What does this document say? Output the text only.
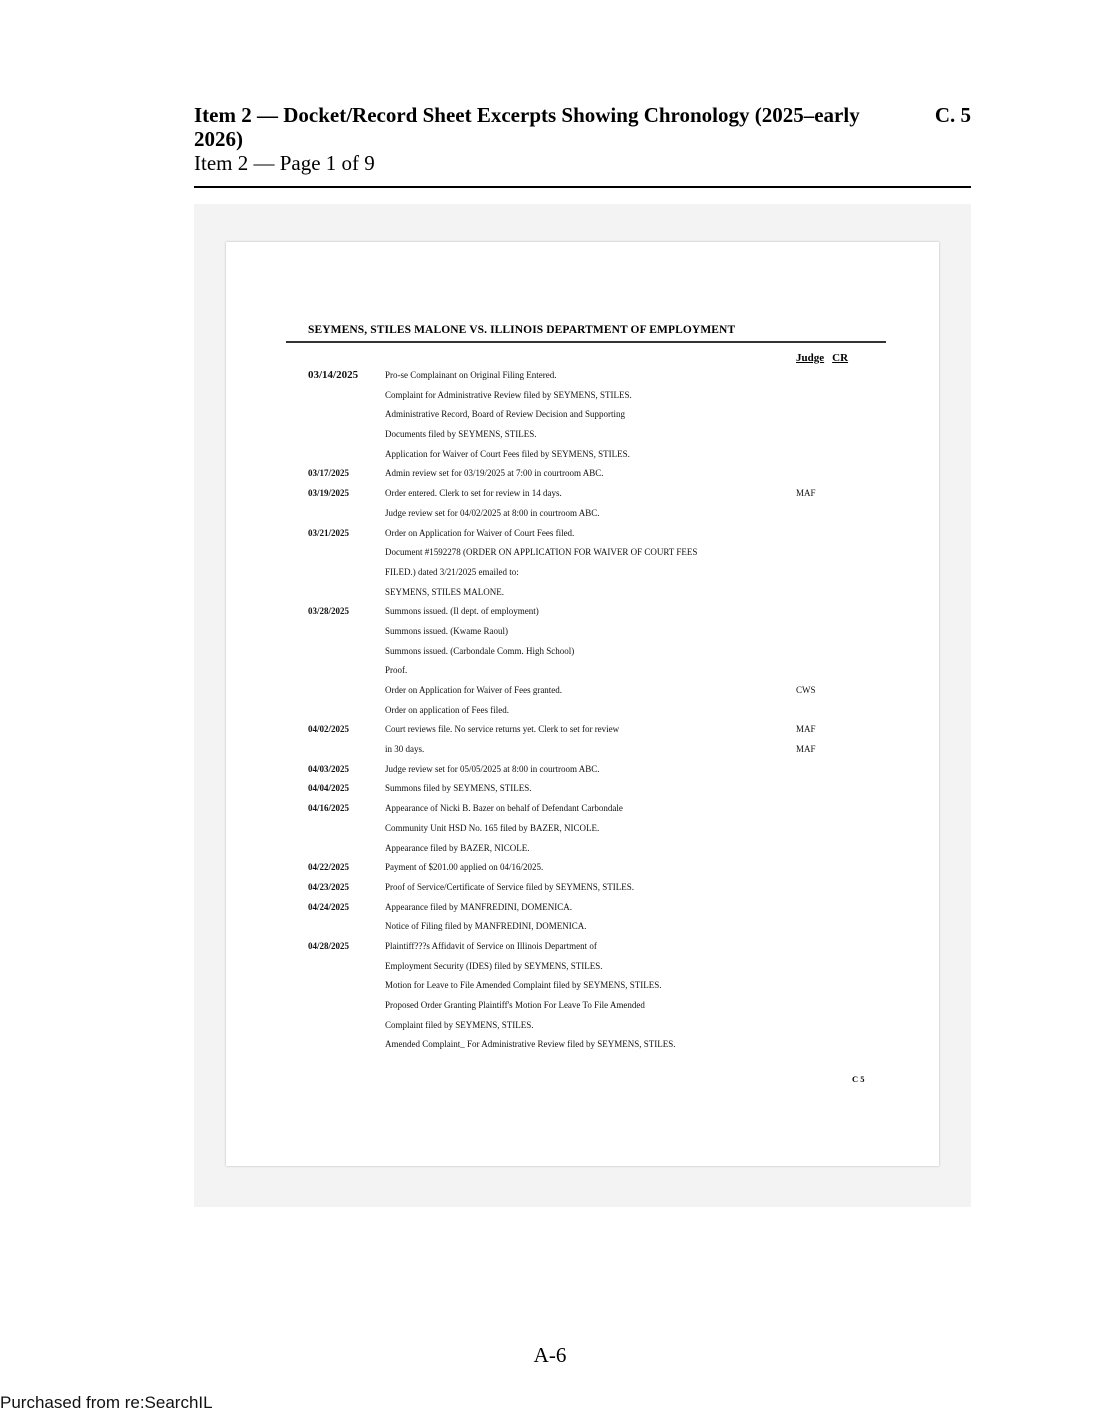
Item 2 — Docket/Record Sheet Excerpts Showing Chronology (2025–early 2026)
C. 5
Item 2 — Page 1 of 9
SEYMENS, STILES MALONE VS. ILLINOIS DEPARTMENT OF EMPLOYMENT
Judge CR
03/14/2025	Pro-se Complainant on Original Filing Entered.
Complaint for Administrative Review filed by SEYMENS, STILES.
Administrative Record, Board of Review Decision and Supporting
Documents filed by SEYMENS, STILES.
Application for Waiver of Court Fees filed by SEYMENS, STILES.
03/17/2025	Admin review set for 03/19/2025 at 7:00 in courtroom ABC.
03/19/2025	Order entered. Clerk to set for review in 14 days.	MAF
Judge review set for 04/02/2025 at 8:00 in courtroom ABC.
03/21/2025	Order on Application for Waiver of Court Fees filed.
Document #1592278 (ORDER ON APPLICATION FOR WAIVER OF COURT FEES
FILED.) dated 3/21/2025 emailed to:
SEYMENS, STILES MALONE.
03/28/2025	Summons issued. (Il dept. of employment)
Summons issued. (Kwame Raoul)
Summons issued. (Carbondale Comm. High School)
Proof.
Order on Application for Waiver of Fees granted.	CWS
Order on application of Fees filed.
04/02/2025	Court reviews file. No service returns yet. Clerk to set for review	MAF
in 30 days.	MAF
04/03/2025	Judge review set for 05/05/2025 at 8:00 in courtroom ABC.
04/04/2025	Summons filed by SEYMENS, STILES.
04/16/2025	Appearance of Nicki B. Bazer on behalf of Defendant Carbondale
Community Unit HSD No. 165 filed by BAZER, NICOLE.
Appearance filed by BAZER, NICOLE.
04/22/2025	Payment of $201.00 applied on 04/16/2025.
04/23/2025	Proof of Service/Certificate of Service filed by SEYMENS, STILES.
04/24/2025	Appearance filed by MANFREDINI, DOMENICA.
Notice of Filing filed by MANFREDINI, DOMENICA.
04/28/2025	Plaintiff???s Affidavit of Service on Illinois Department of
Employment Security (IDES) filed by SEYMENS, STILES.
Motion for Leave to File Amended Complaint filed by SEYMENS, STILES.
Proposed Order Granting Plaintiff's Motion For Leave To File Amended
Complaint filed by SEYMENS, STILES.
Amended Complaint_ For Administrative Review filed by SEYMENS, STILES.
C 5
A-6
Purchased from re:SearchIL
